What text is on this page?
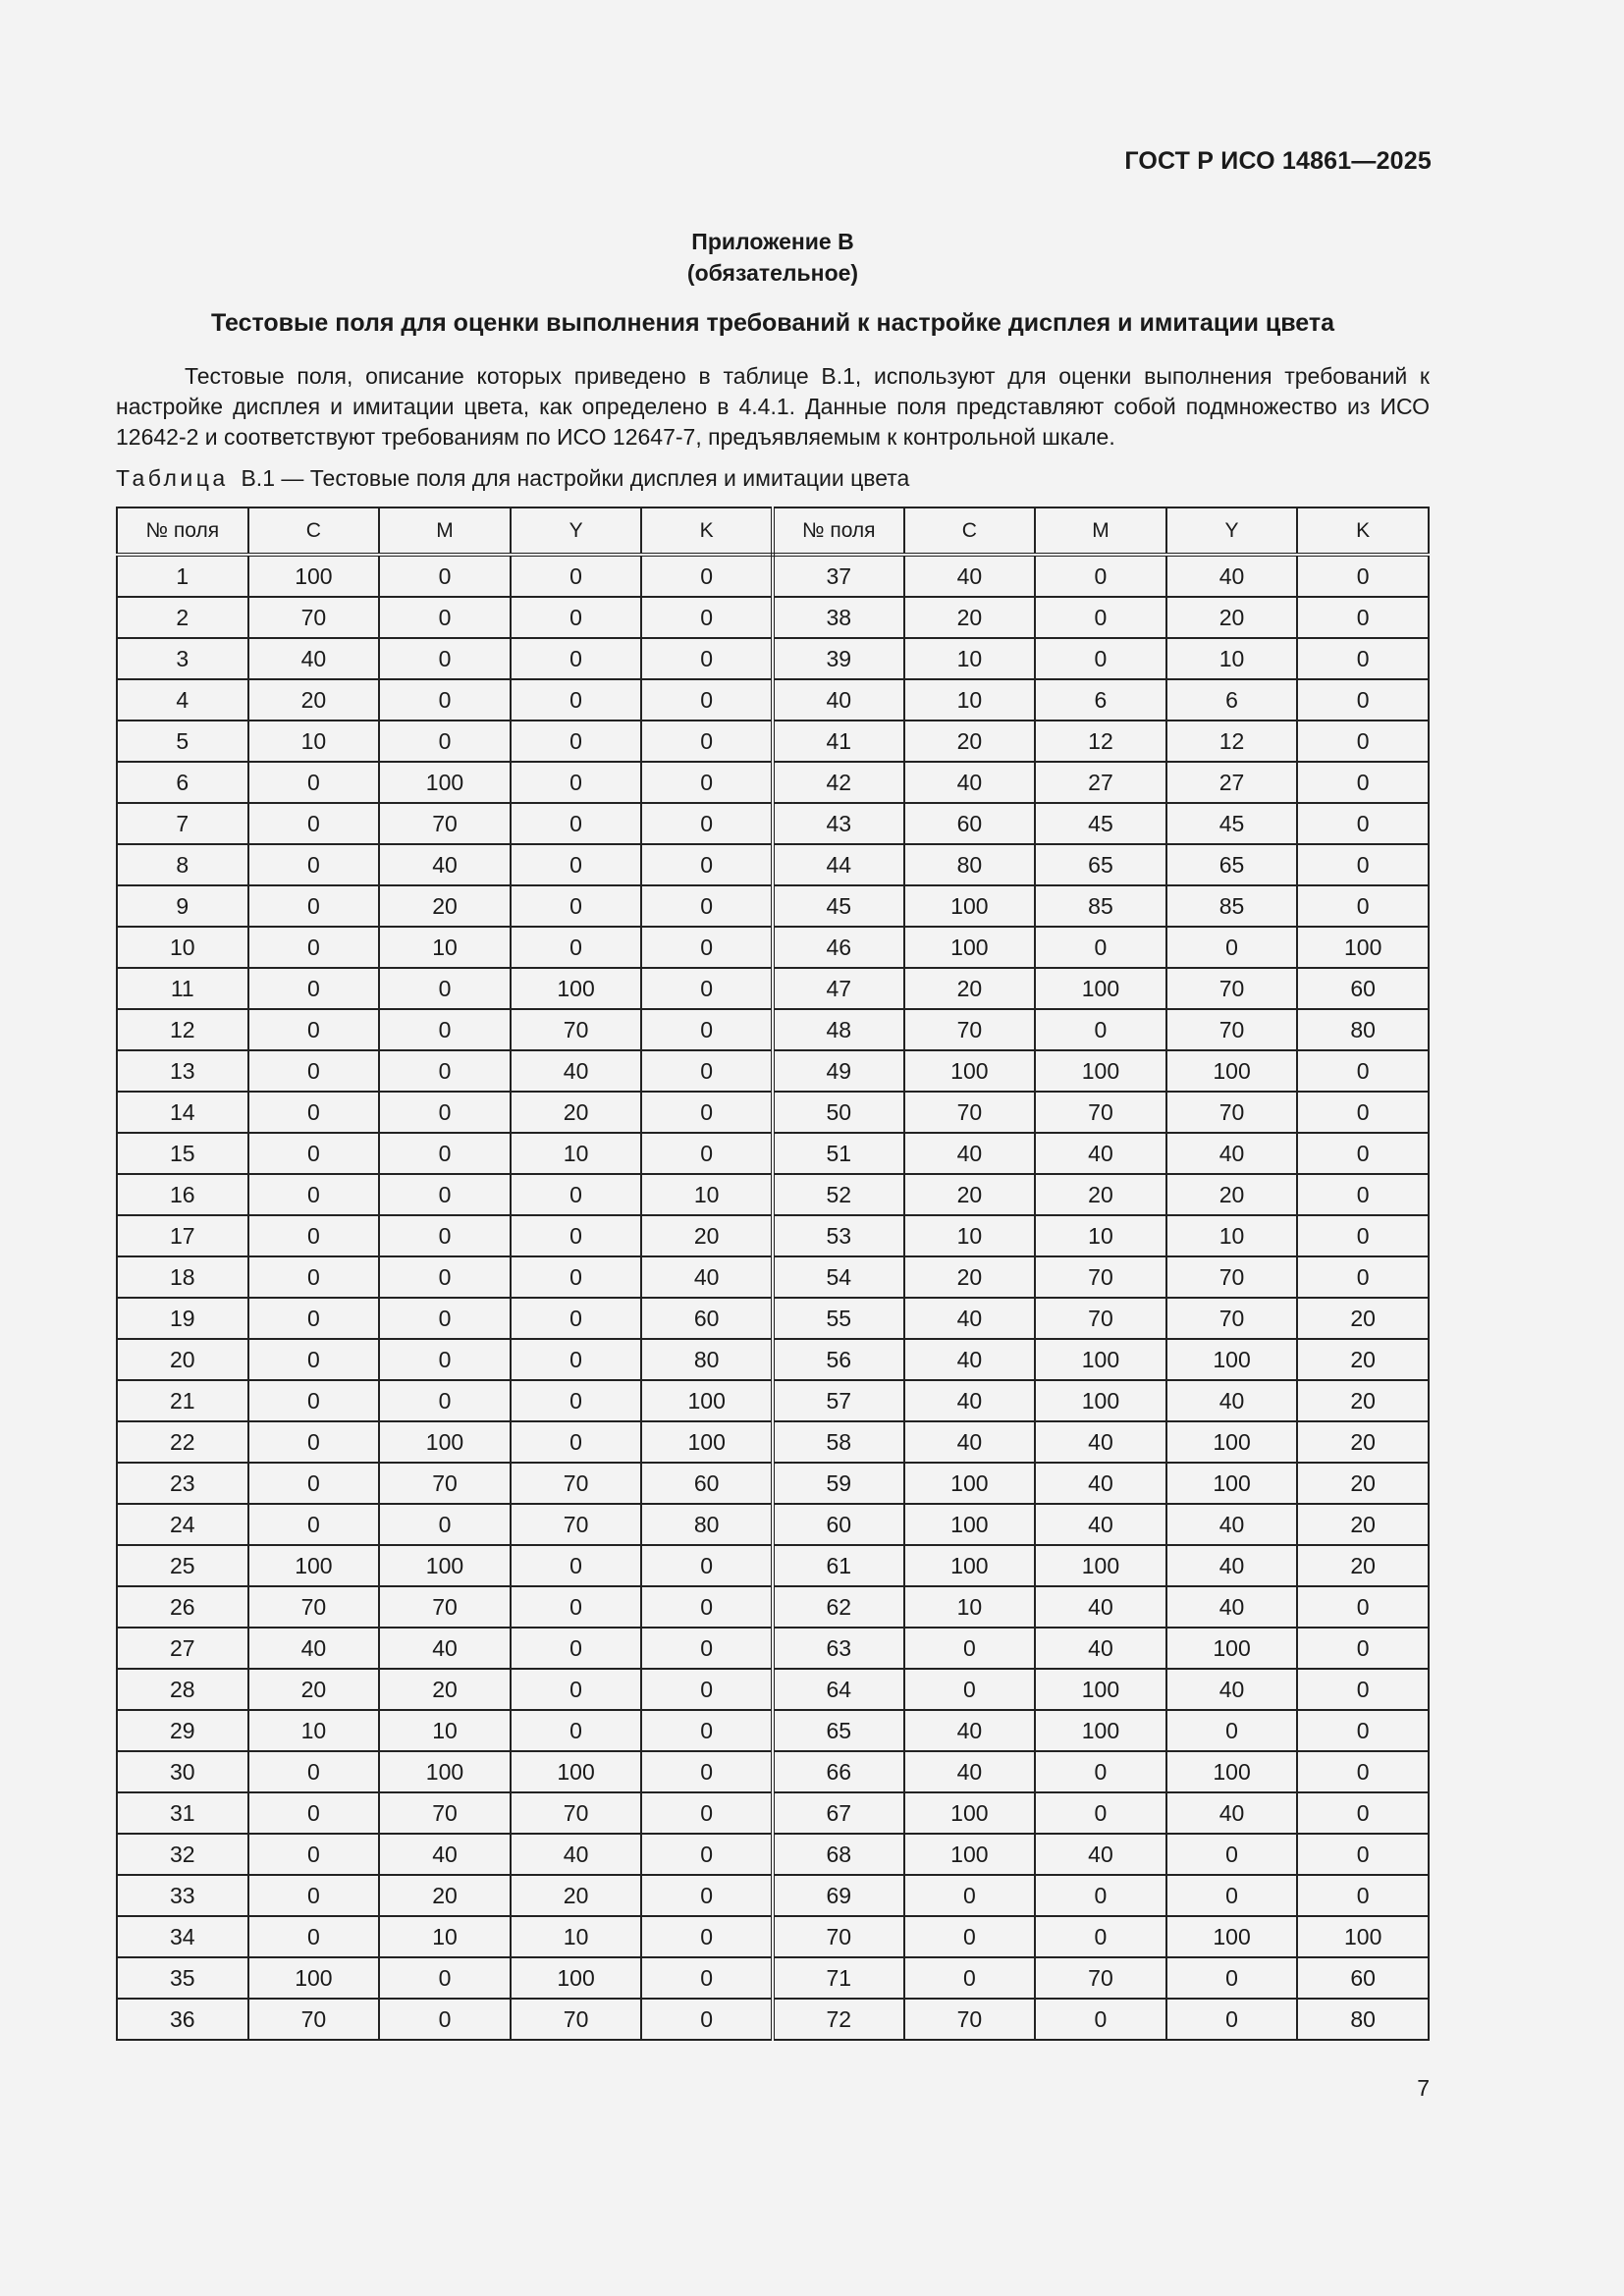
ГОСТ Р ИСО 14861—2025
Приложение B
(обязательное)
Тестовые поля для оценки выполнения требований к настройке дисплея и имитации цвета

Тестовые поля, описание которых приведено в таблице B.1, используют для оценки выполнения требований к настройке дисплея и имитации цвета, как определено в 4.4.1. Данные поля представляют собой подмножество из ИСО 12642-2 и соответствуют требованиям по ИСО 12647-7, предъявляемым к контрольной шкале.

Таблица B.1 — Тестовые поля для настройки дисплея и имитации цвета
№ поля	C	M	Y	K	№ поля	C	M	Y	K
1	100	0	0	0	37	40	0	40	0
2	70	0	0	0	38	20	0	20	0
3	40	0	0	0	39	10	0	10	0
4	20	0	0	0	40	10	6	6	0
5	10	0	0	0	41	20	12	12	0
6	0	100	0	0	42	40	27	27	0
7	0	70	0	0	43	60	45	45	0
8	0	40	0	0	44	80	65	65	0
9	0	20	0	0	45	100	85	85	0
10	0	10	0	0	46	100	0	0	100
11	0	0	100	0	47	20	100	70	60
12	0	0	70	0	48	70	0	70	80
13	0	0	40	0	49	100	100	100	0
14	0	0	20	0	50	70	70	70	0
15	0	0	10	0	51	40	40	40	0
16	0	0	0	10	52	20	20	20	0
17	0	0	0	20	53	10	10	10	0
18	0	0	0	40	54	20	70	70	0
19	0	0	0	60	55	40	70	70	20
20	0	0	0	80	56	40	100	100	20
21	0	0	0	100	57	40	100	40	20
22	0	100	0	100	58	40	40	100	20
23	0	70	70	60	59	100	40	100	20
24	0	0	70	80	60	100	40	40	20
25	100	100	0	0	61	100	100	40	20
26	70	70	0	0	62	10	40	40	0
27	40	40	0	0	63	0	40	100	0
28	20	20	0	0	64	0	100	40	0
29	10	10	0	0	65	40	100	0	0
30	0	100	100	0	66	40	0	100	0
31	0	70	70	0	67	100	0	40	0
32	0	40	40	0	68	100	40	0	0
33	0	20	20	0	69	0	0	0	0
34	0	10	10	0	70	0	0	100	100
35	100	0	100	0	71	0	70	0	60
36	70	0	70	0	72	70	0	0	80
7
